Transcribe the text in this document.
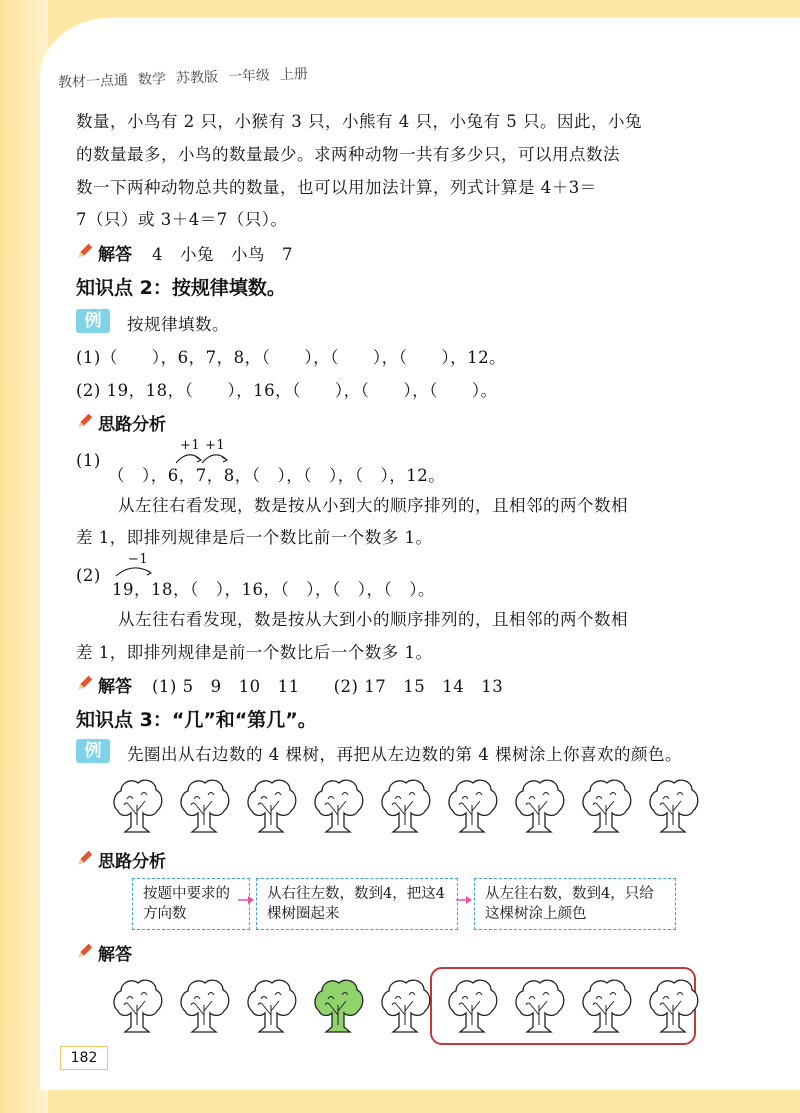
教材一点通 数学 苏教版 一年级 上册
数量，小鸟有 2 只，小猴有 3 只，小熊有 4 只，小兔有 5 只。因此，小兔
的数量最多，小鸟的数量最少。求两种动物一共有多少只，可以用点数法
数一下两种动物总共的数量，也可以用加法计算，列式计算是 4＋3＝
7（只）或 3＋4＝7（只）。
解答 4　小兔　小鸟　7
知识点 2：按规律填数。
例	按规律填数。
(1)（　　），6，7，8，（　　），（　　），（　　），12。
(2) 19，18，（　　），16，（　　），（　　），（　　）。
思路分析
+1 +1
(1)
（　），6，7，8，（　），（　），（　），12。
从左往右看发现，数是按从小到大的顺序排列的，且相邻的两个数相
差 1，即排列规律是后一个数比前一个数多 1。
−1
(2)
19，18，（　），16，（　），（　），（　）。
从左往右看发现，数是按从大到小的顺序排列的，且相邻的两个数相
差 1，即排列规律是前一个数比后一个数多 1。
解答 (1) 5　9　10　11　　(2) 17　15　14　13
知识点 3：“几”和“第几”。
例	先圈出从右边数的 4 棵树，再把从左边数的第 4 棵树涂上你喜欢的颜色。
思路分析
按题中要求的方向数
从右往左数，数到4，把这4棵树圈起来
从左往右数，数到4，只给这棵树涂上颜色
解答
182
